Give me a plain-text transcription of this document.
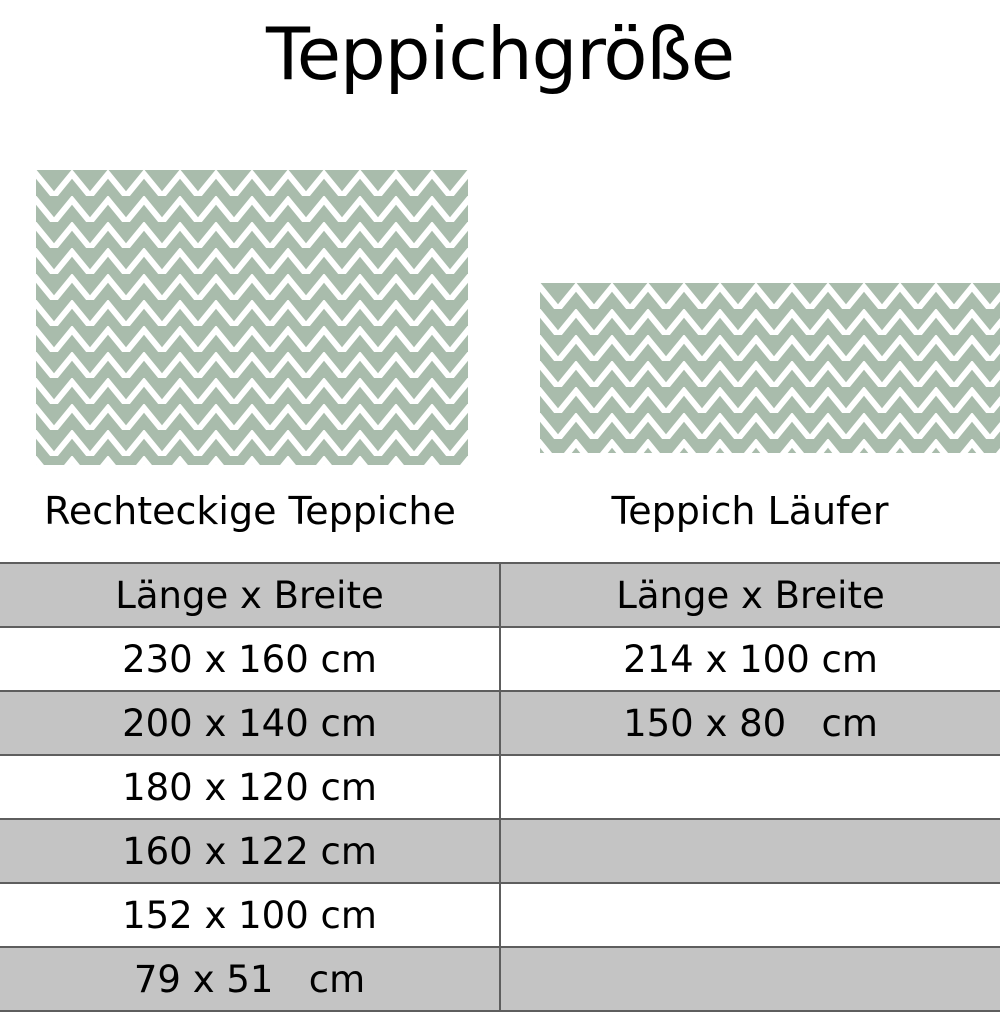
Teppichgröße
Rechteckige Teppiche	Teppich Läufer
Länge x Breite	Länge x Breite
230 x 160 cm	214 x 100 cm
200 x 140 cm	150 x 80   cm
180 x 120 cm	
160 x 122 cm	
152 x 100 cm	
79 x 51   cm	
